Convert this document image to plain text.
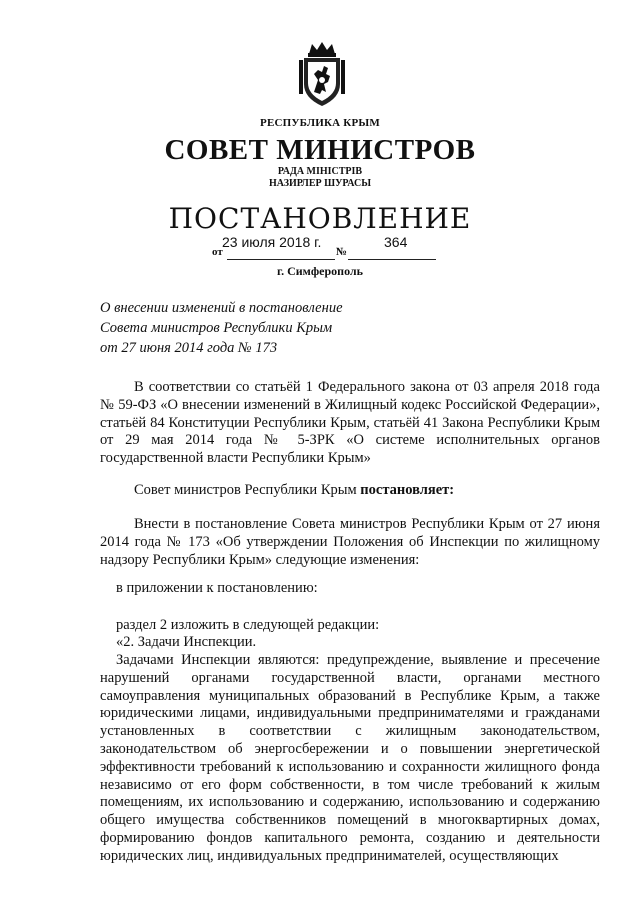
РЕСПУБЛИКА КРЫМ
СОВЕТ МИНИСТРОВ
РАДА МІНІСТРІВ
НАЗИРЛЕР ШУРАСЫ
ПОСТАНОВЛЕНИЕ
от
23 июля 2018 г.
№
364
г. Симферополь
О внесении изменений в постановление
Совета министров Республики Крым
от 27 июня 2014 года № 173
В соответствии со статьёй 1 Федерального закона от 03 апреля 2018 года № 59-ФЗ «О внесении изменений в Жилищный кодекс Российской Федерации», статьёй 84 Конституции Республики Крым, статьёй 41 Закона Республики Крым от 29 мая 2014 года № 5-ЗРК «О системе исполнительных органов государственной власти Республики Крым»
Совет министров Республики Крым постановляет:
Внести в постановление Совета министров Республики Крым от 27 июня 2014 года № 173 «Об утверждении Положения об Инспекции по жилищному надзору Республики Крым» следующие изменения:
в приложении к постановлению:
раздел 2 изложить в следующей редакции:
«2. Задачи Инспекции.
Задачами Инспекции являются: предупреждение, выявление и пресечение нарушений органами государственной власти, органами местного самоуправления муниципальных образований в Республике Крым, а также юридическими лицами, индивидуальными предпринимателями и гражданами установленных в соответствии с жилищным законодательством, законодательством об энергосбережении и о повышении энергетической эффективности требований к использованию и сохранности жилищного фонда независимо от его форм собственности, в том числе требований к жилым помещениям, их использованию и содержанию, использованию и содержанию общего имущества собственников помещений в многоквартирных домах, формированию фондов капитального ремонта, созданию и деятельности юридических лиц, индивидуальных предпринимателей, осуществляющих
